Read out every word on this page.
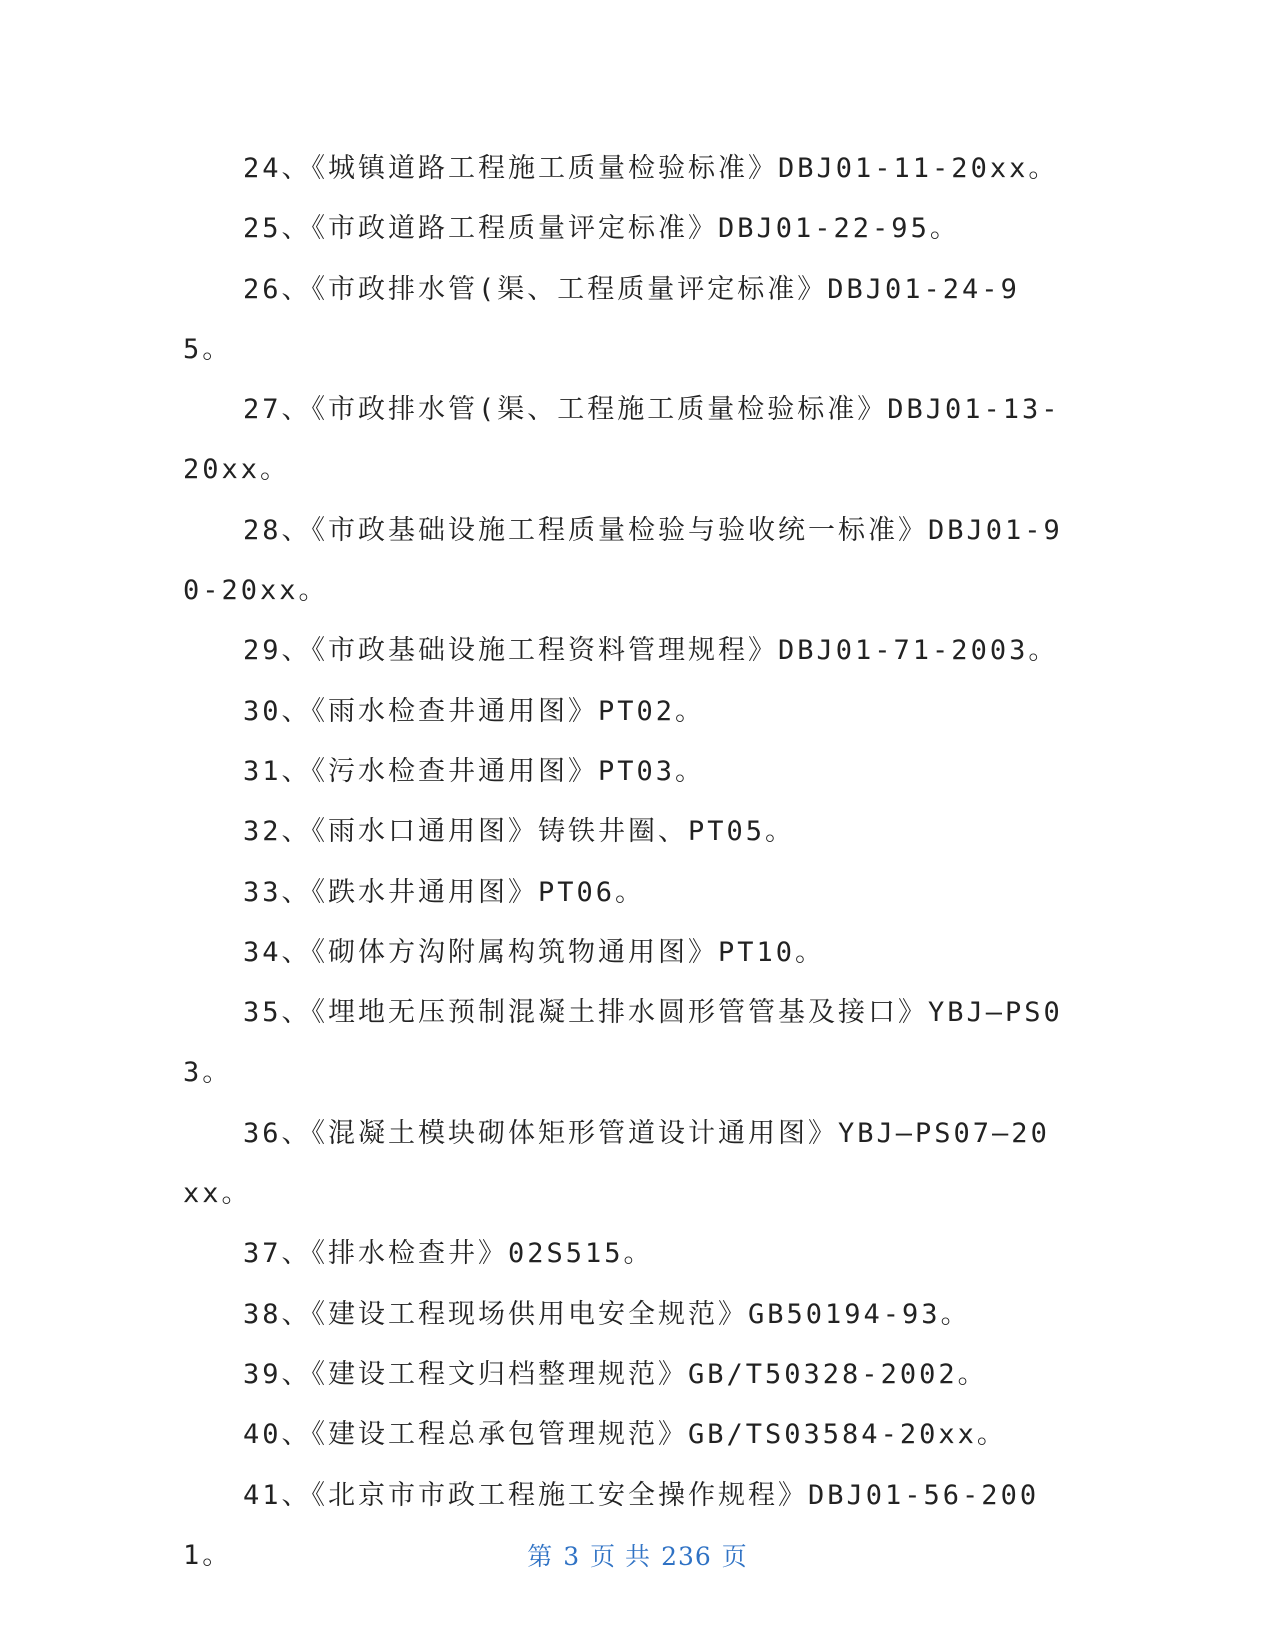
24、《城镇道路工程施工质量检验标准》DBJ01-11-20xx。

25、《市政道路工程质量评定标准》DBJ01-22-95。

26、《市政排水管(渠、工程质量评定标准》DBJ01-24-95。

27、《市政排水管(渠、工程施工质量检验标准》DBJ01-13-20xx。

28、《市政基础设施工程质量检验与验收统一标准》DBJ01-90-20xx。

29、《市政基础设施工程资料管理规程》DBJ01-71-2003。

30、《雨水检查井通用图》PT02。

31、《污水检查井通用图》PT03。

32、《雨水口通用图》铸铁井圈、PT05。

33、《跌水井通用图》PT06。

34、《砌体方沟附属构筑物通用图》PT10。

35、《埋地无压预制混凝土排水圆形管管基及接口》YBJ—PS03。

36、《混凝土模块砌体矩形管道设计通用图》YBJ—PS07—20xx。

37、《排水检查井》02S515。

38、《建设工程现场供用电安全规范》GB50194-93。

39、《建设工程文归档整理规范》GB/T50328-2002。

40、《建设工程总承包管理规范》GB/TS03584-20xx。

41、《北京市市政工程施工安全操作规程》DBJ01-56-2001。	第 3 页 共 236 页
